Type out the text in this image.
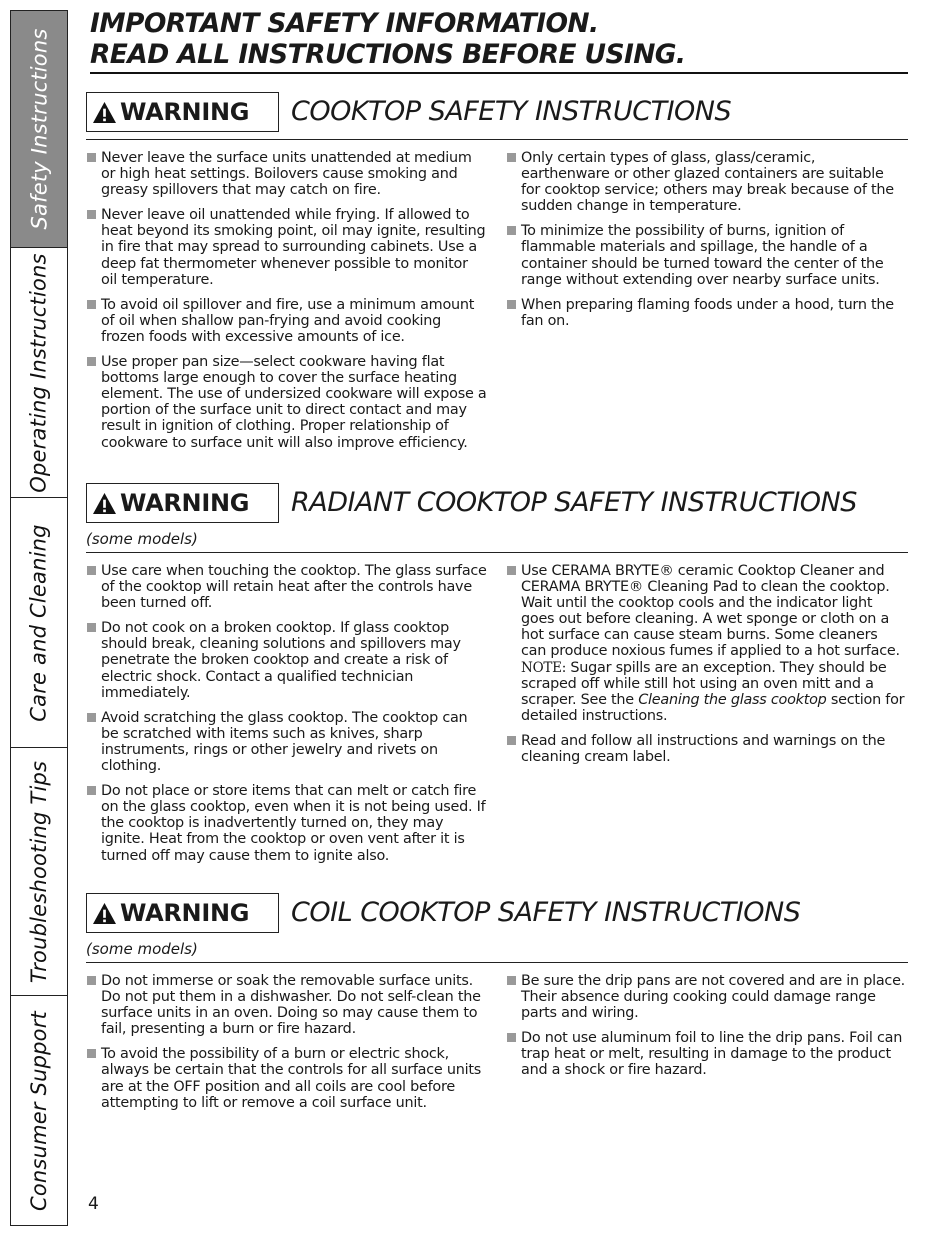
Safety Instructions
Operating Instructions
Care and Cleaning
Troubleshooting Tips
Consumer Support
IMPORTANT SAFETY INFORMATION.
READ ALL INSTRUCTIONS BEFORE USING.
WARNING COOKTOP SAFETY INSTRUCTIONS
Never leave the surface units unattended at medium or high heat settings. Boilovers cause smoking and greasy spillovers that may catch on fire.
Never leave oil unattended while frying. If allowed to heat beyond its smoking point, oil may ignite, resulting in fire that may spread to surrounding cabinets. Use a deep fat thermometer whenever possible to monitor oil temperature.
To avoid oil spillover and fire, use a minimum amount of oil when shallow pan-frying and avoid cooking frozen foods with excessive amounts of ice.
Use proper pan size—select cookware having flat bottoms large enough to cover the surface heating element. The use of undersized cookware will expose a portion of the surface unit to direct contact and may result in ignition of clothing. Proper relationship of cookware to surface unit will also improve efficiency.
Only certain types of glass, glass/ceramic, earthenware or other glazed containers are suitable for cooktop service; others may break because of the sudden change in temperature.
To minimize the possibility of burns, ignition of flammable materials and spillage, the handle of a container should be turned toward the center of the range without extending over nearby surface units.
When preparing flaming foods under a hood, turn the fan on.
WARNING RADIANT COOKTOP SAFETY INSTRUCTIONS
(some models)
Use care when touching the cooktop. The glass surface of the cooktop will retain heat after the controls have been turned off.
Do not cook on a broken cooktop. If glass cooktop should break, cleaning solutions and spillovers may penetrate the broken cooktop and create a risk of electric shock. Contact a qualified technician immediately.
Avoid scratching the glass cooktop. The cooktop can be scratched with items such as knives, sharp instruments, rings or other jewelry and rivets on clothing.
Do not place or store items that can melt or catch fire on the glass cooktop, even when it is not being used. If the cooktop is inadvertently turned on, they may ignite. Heat from the cooktop or oven vent after it is turned off may cause them to ignite also.
Use CERAMA BRYTE® ceramic Cooktop Cleaner and CERAMA BRYTE® Cleaning Pad to clean the cooktop. Wait until the cooktop cools and the indicator light goes out before cleaning. A wet sponge or cloth on a hot surface can cause steam burns. Some cleaners can produce noxious fumes if applied to a hot surface. NOTE: Sugar spills are an exception. They should be scraped off while still hot using an oven mitt and a scraper. See the Cleaning the glass cooktop section for detailed instructions.
Read and follow all instructions and warnings on the cleaning cream label.
WARNING COIL COOKTOP SAFETY INSTRUCTIONS
(some models)
Do not immerse or soak the removable surface units. Do not put them in a dishwasher. Do not self-clean the surface units in an oven. Doing so may cause them to fail, presenting a burn or fire hazard.
To avoid the possibility of a burn or electric shock, always be certain that the controls for all surface units are at the OFF position and all coils are cool before attempting to lift or remove a coil surface unit.
Be sure the drip pans are not covered and are in place. Their absence during cooking could damage range parts and wiring.
Do not use aluminum foil to line the drip pans. Foil can trap heat or melt, resulting in damage to the product and a shock or fire hazard.
4
